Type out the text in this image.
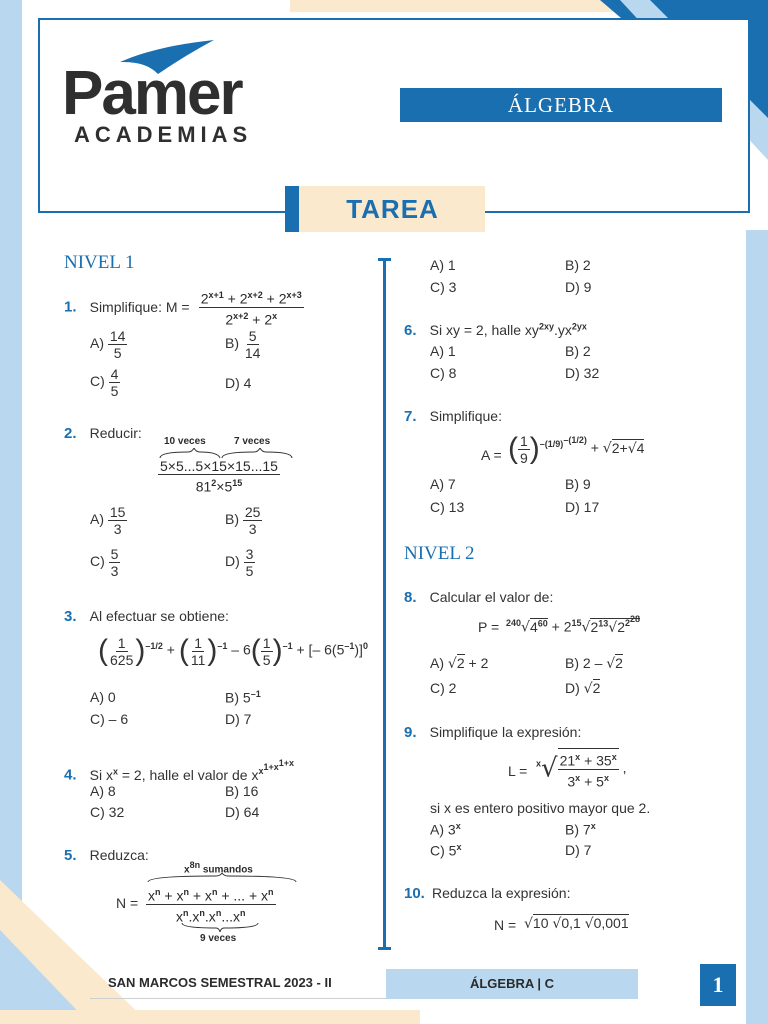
Pamer
ACADEMIAS
ÁLGEBRA
TAREA
NIVEL 1
1. Simplifique: $M = \frac{2^{x+1} + 2^{x+2} + 2^{x+3}}{2^{x+2} + 2^x}$
$A) \frac{14}{5}$	$B) \frac{5}{14}$
$C) \frac{4}{5}$	D) 4
2. Reducir:
10 veces	7 veces
$\frac{5\times 5...5\times 15\times 15...15}{81^2\times 5^{15}}$
$A) \frac{15}{3}$	$B) \frac{25}{3}$
$C) \frac{5}{3}$	$D) \frac{3}{5}$
3. Al efectuar se obtiene:
( $\frac{1}{625} )^{-1/2}$ + ( $\frac{1}{11} )^{-1} - 6( \frac{1}{5} )^{-1}$ + [– $6(5^{-1})]^0$
A) 0	B) $5^{-1}$
C) – 6	D) 7
4. Si $x^x = 2$, halle el valor de $x^{x^{1+x^{1+x}}}$
A) 8	B) 16
C) 32	D) 64
5. Reduzca:
$x^{8n}$ sumandos
$N = \frac{x^n + x^n + x^n + ... + x^n}{x^n.x^n.x^n...x^n}$
9 veces
A) 1	B) 2
C) 3	D) 9
6. Si xy = 2, halle $xy^{2xy}.yx^{2yx}$
A) 1	B) 2
C) 8	D) 32
7. Simplifique:
A = ( $\frac{1}{9} )^{-(1/9)^{-(1/2)}} + √2+√4$
A) 7	B) 9
C) 13	D) 17
NIVEL 2
8. Calcular el valor de:
$P = ^{240}√4^{60} + 2^{15}√2^{13}√2^{2^{28}}$
A) √2 + 2	B) 2 – √2
C) 2	D) √2
9. Simplifique la expresión:
$L = ^x√ \frac{21^x + 35^x}{3^x + 5^x}$ ,
si x es entero positivo mayor que 2.
A) 3$^x$	B) 7$^x$
C) 5$^x$	D) 7
10. Reduzca la expresión:
N = √10 √0,1 √0,001
SAN MARCOS SEMESTRAL 2023 - II	ÁLGEBRA | C	1
